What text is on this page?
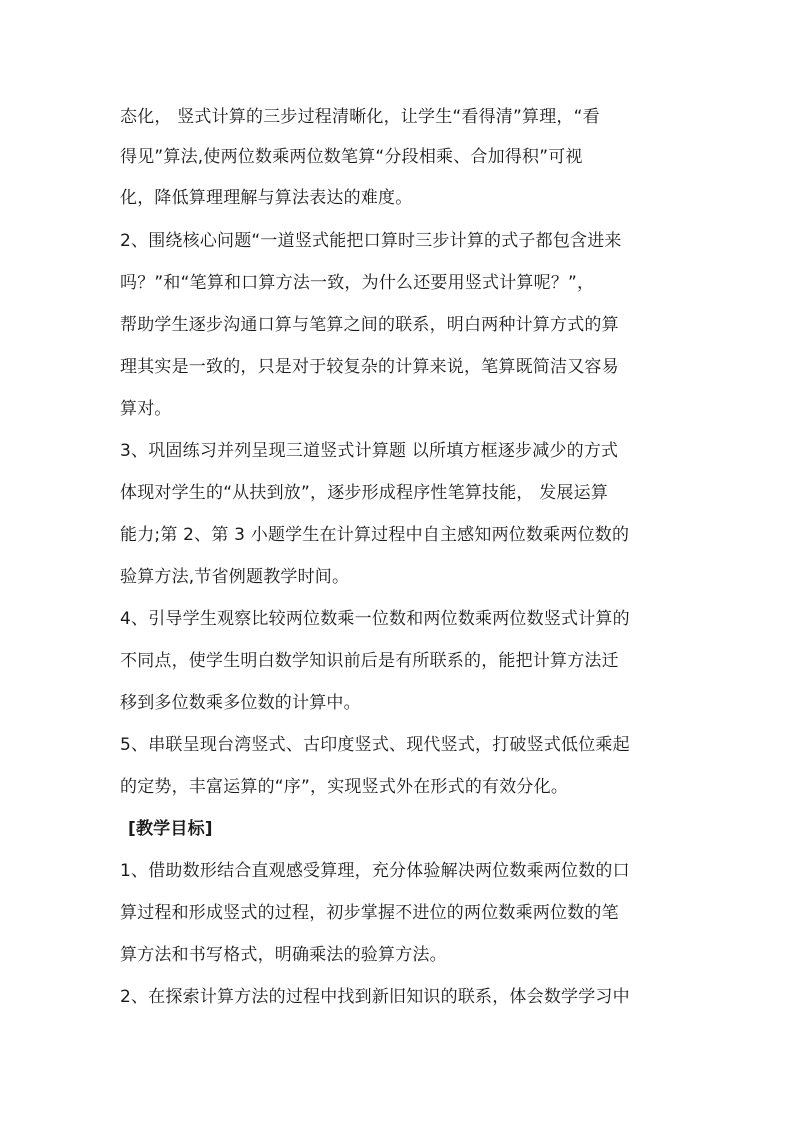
态化， 竖式计算的三步过程清晰化，让学生“看得清”算理，“看
得见”算法,使两位数乘两位数笔算“分段相乘、合加得积”可视
化，降低算理理解与算法表达的难度。
2、围绕核心问题“一道竖式能把口算时三步计算的式子都包含进来
吗？”和“笔算和口算方法一致，为什么还要用竖式计算呢？”，
帮助学生逐步沟通口算与笔算之间的联系，明白两种计算方式的算
理其实是一致的，只是对于较复杂的计算来说，笔算既简洁又容易
算对。
3、巩固练习并列呈现三道竖式计算题 以所填方框逐步减少的方式
体现对学生的“从扶到放”，逐步形成程序性笔算技能， 发展运算
能力;第 2、第 3 小题学生在计算过程中自主感知两位数乘两位数的
验算方法,节省例题教学时间。
4、引导学生观察比较两位数乘一位数和两位数乘两位数竖式计算的
不同点，使学生明白数学知识前后是有所联系的，能把计算方法迁
移到多位数乘多位数的计算中。
5、串联呈现台湾竖式、古印度竖式、现代竖式，打破竖式低位乘起
的定势，丰富运算的“序”，实现竖式外在形式的有效分化。
[教学目标]
1、借助数形结合直观感受算理，充分体验解决两位数乘两位数的口
算过程和形成竖式的过程，初步掌握不进位的两位数乘两位数的笔
算方法和书写格式，明确乘法的验算方法。
2、在探索计算方法的过程中找到新旧知识的联系，体会数学学习中
